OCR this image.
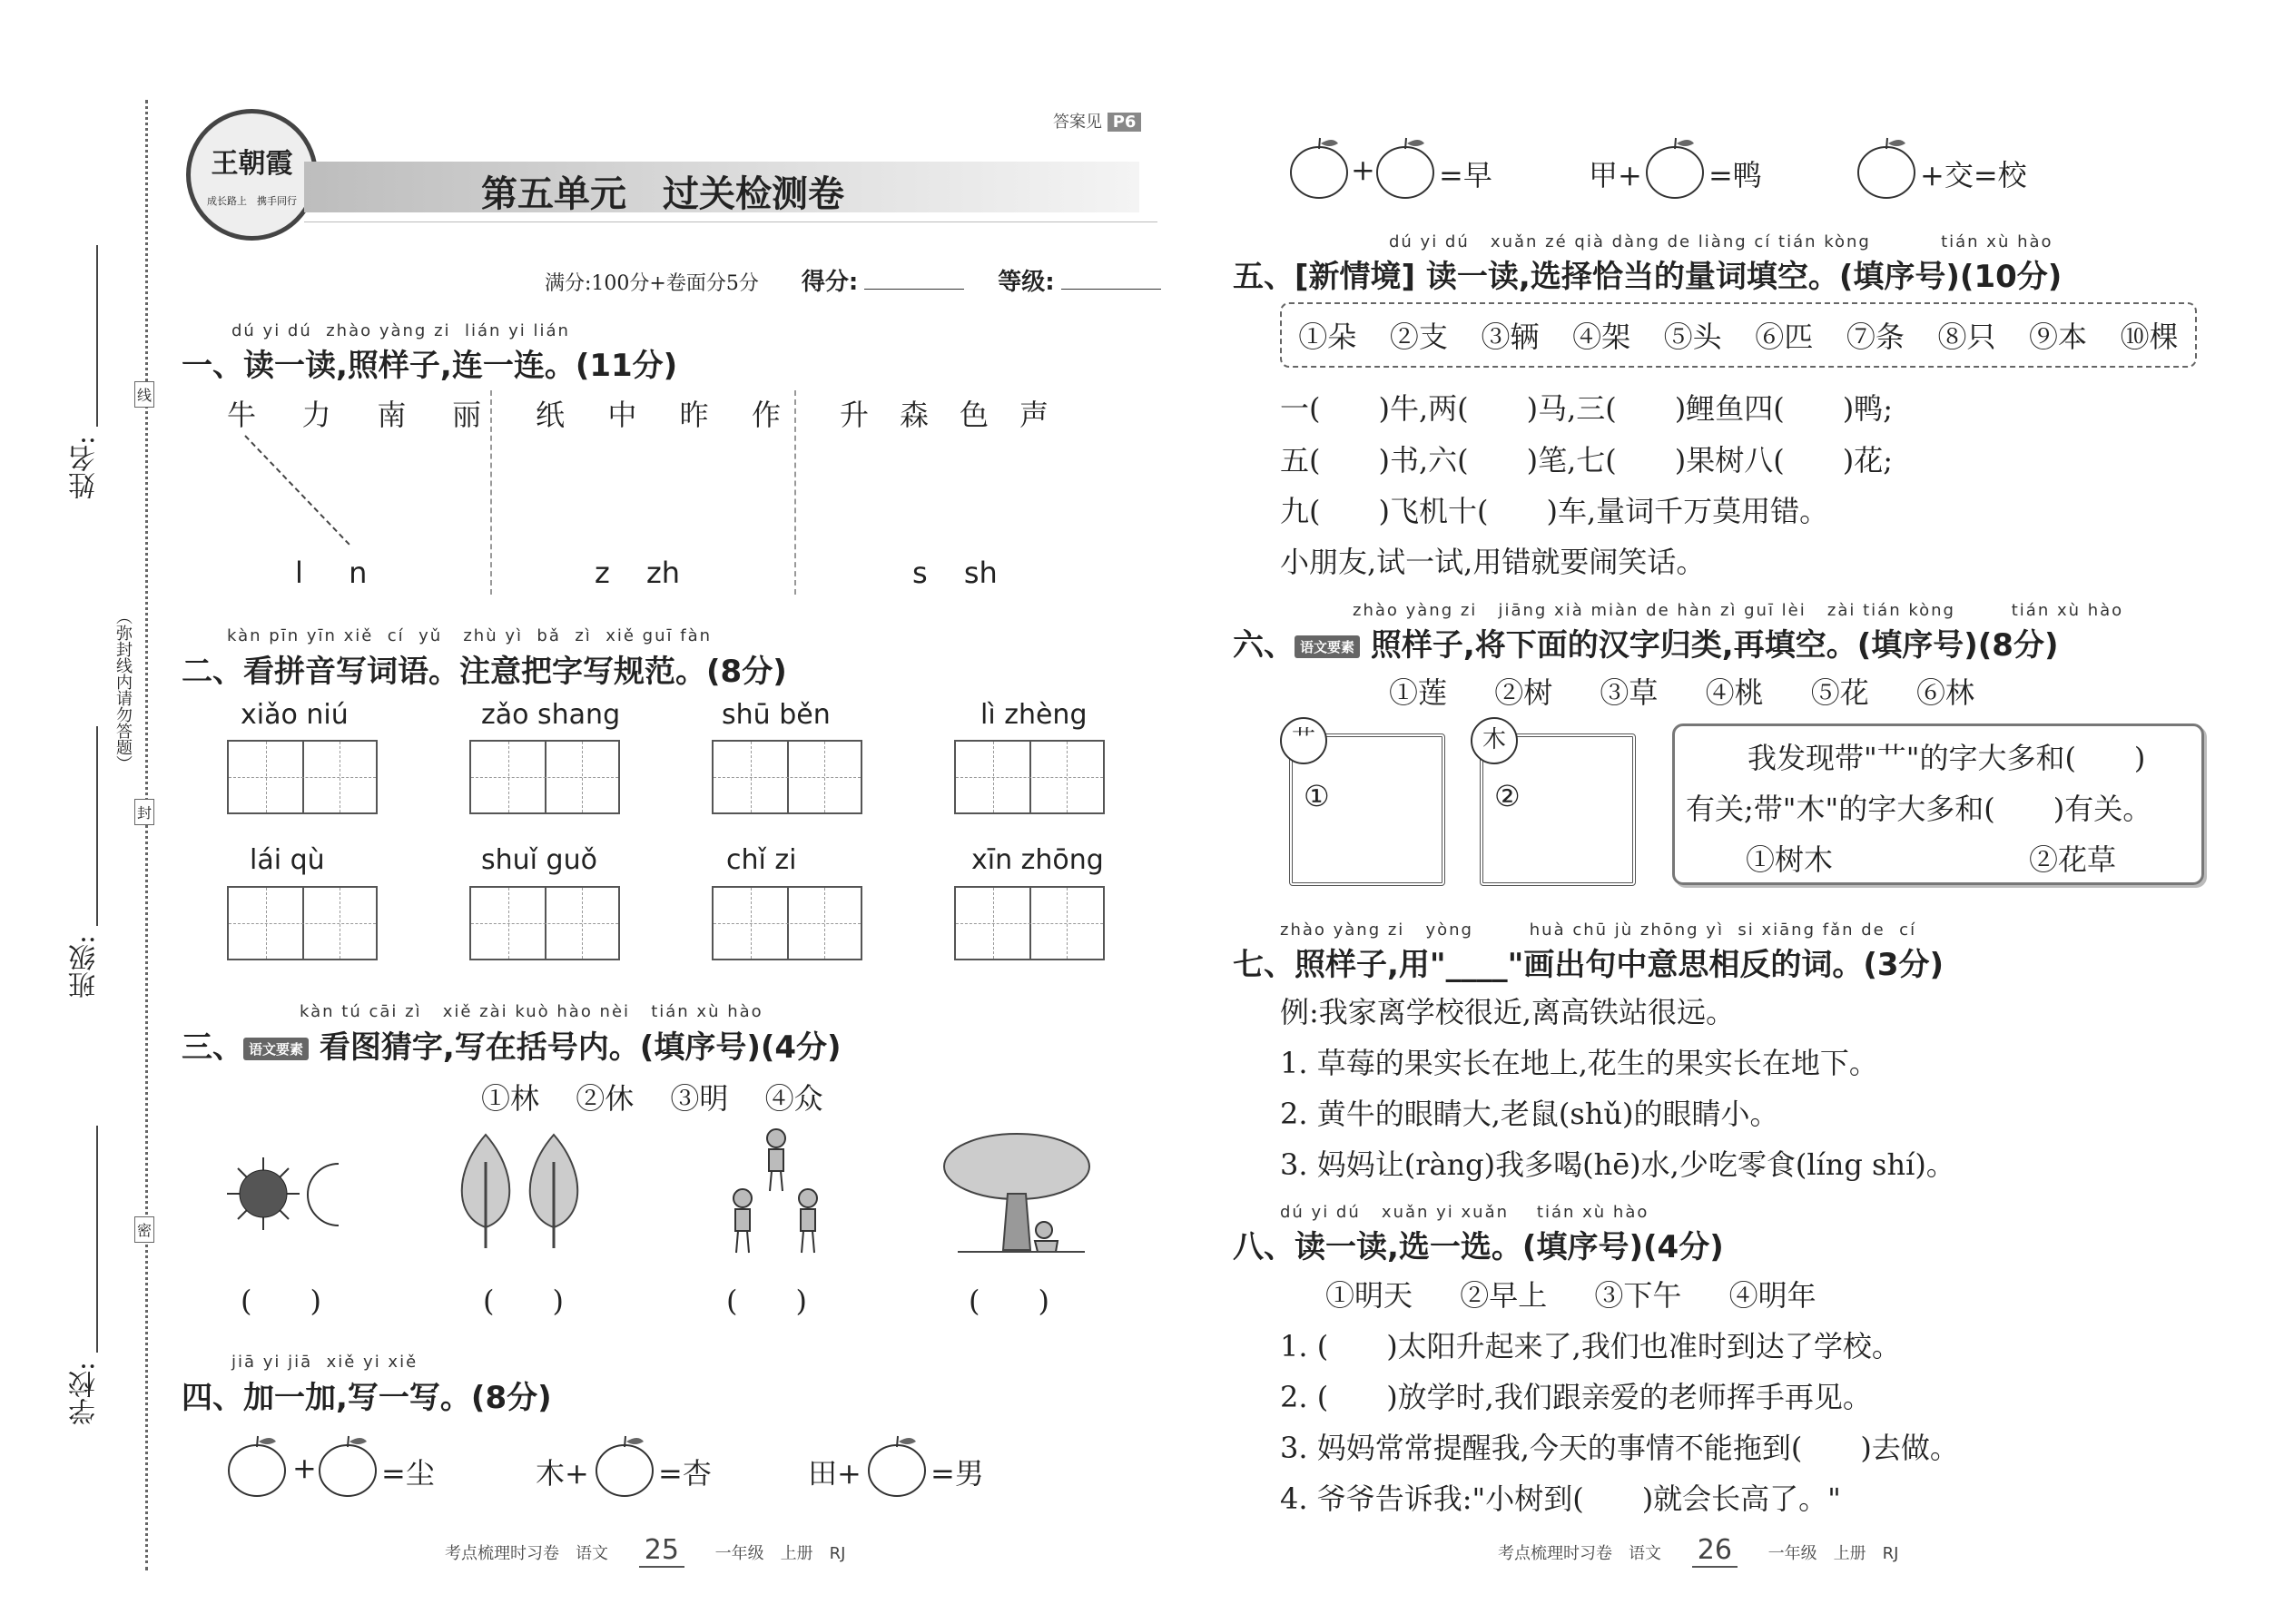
姓名:
班级:
学校:
（弥封线内请勿答题）
线
封
密
王朝霞
成长路上　携手同行	第五单元　过关检测卷
答案见 P6
满分:100分+卷面分5分 得分:	等级:
dú yi dú  zhào yàng zi  lián yi lián
一、读一读,照样子,连一连。(11分)
牛 力 南 丽
l n
纸 中 昨 作
z zh
升 森 色 声
s sh
kàn pīn yīn xiě  cí  yǔ   zhù yì  bǎ  zì  xiě guī fàn
二、看拼音写词语。注意把字写规范。(8分)
xiǎo niú	zǎo shang	shū běn	lì zhèng
lái qù	shuǐ guǒ	chǐ zi	xīn zhōng
kàn tú cāi zì   xiě zài kuò hào nèi   tián xù hào
三、 语文要素 看图猜字,写在括号内。(填序号)(4分)
①林 ②休 ③明 ④众
(　　)	(　　)	(　　)	(　　)
jiā yi jiā  xiě yi xiě
四、加一加,写一写。(8分)
+ =尘	木+ =杏	田+ =男
考点梳理时习卷　语文 25 一年级　上册　RJ
+ =早	甲+ =鸭	+交=校
dú yi dú   xuǎn zé qià dàng de liàng cí tián kòng          tián xù hào
五、[新情境] 读一读,选择恰当的量词填空。(填序号)(10分)
①朵 ②支 ③辆 ④架 ⑤头 ⑥匹 ⑦条 ⑧只 ⑨本 ⑩棵
一(　　)牛,两(　　)马,三(　　)鲤鱼四(　　)鸭;
五(　　)书,六(　　)笔,七(　　)果树八(　　)花;
九(　　)飞机十(　　)车,量词千万莫用错。
小朋友,试一试,用错就要闹笑话。
zhào yàng zi   jiāng xià miàn de hàn zì guī lèi   zài tián kòng        tián xù hào
六、 语文要素 照样子,将下面的汉字归类,再填空。(填序号)(8分)
①莲 ②树 ③草 ④桃 ⑤花 ⑥林
艹
①
木
②
我发现带"艹"的字大多和(　　)
有关;带"木"的字大多和(　　)有关。
①树木	②花草
zhào yàng zi   yòng        huà chū jù zhōng yì  si xiāng fǎn de  cí
七、照样子,用"____"画出句中意思相反的词。(3分)
例:我家离学校很近,离高铁站很远。
1. 草莓的果实长在地上,花生的果实长在地下。
2. 黄牛的眼睛大,老鼠(shǔ)的眼睛小。
3. 妈妈让(ràng)我多喝(hē)水,少吃零食(líng shí)。
dú yi dú   xuǎn yi xuǎn    tián xù hào
八、读一读,选一选。(填序号)(4分)
①明天 ②早上 ③下午 ④明年
1. (　　)太阳升起来了,我们也准时到达了学校。
2. (　　)放学时,我们跟亲爱的老师挥手再见。
3. 妈妈常常提醒我,今天的事情不能拖到(　　)去做。
4. 爷爷告诉我:"小树到(　　)就会长高了。"
考点梳理时习卷　语文 26 一年级　上册　RJ
